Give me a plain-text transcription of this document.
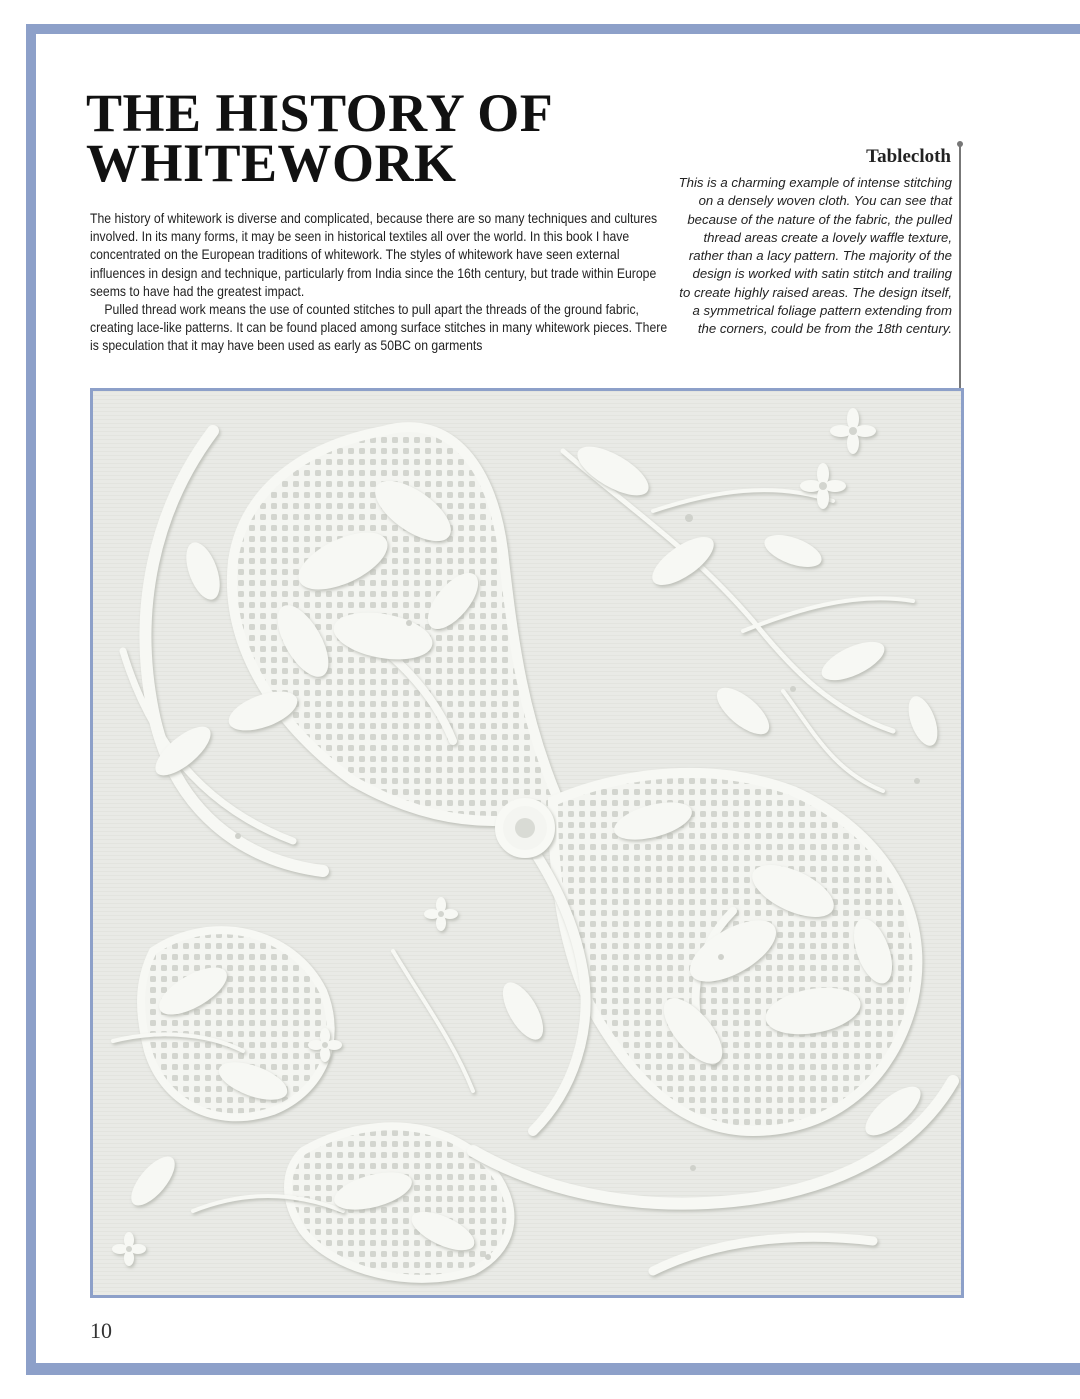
THE HISTORY OF
WHITEWORK

The history of whitework is diverse and complicated, because there are so many techniques and cultures involved. In its many forms, it may be seen in historical textiles all over the world. In this book I have concentrated on the European traditions of whitework. The styles of whitework have seen external influences in design and technique, particularly from India since the 16th century, but trade within Europe seems to have had the greatest impact.

Pulled thread work means the use of counted stitches to pull apart the threads of the ground fabric, creating lace-like patterns. It can be found placed among surface stitches in many whitework pieces. There is speculation that it may have been used as early as 50BC on garments

Tablecloth

This is a charming example of intense stitching on a densely woven cloth. You can see that because of the nature of the fabric, the pulled thread areas create a lovely waffle texture, rather than a lacy pattern. The majority of the design is worked with satin stitch and trailing to create highly raised areas. The design itself, a symmetrical foliage pattern extending from the corners, could be from the 18th century.

10
